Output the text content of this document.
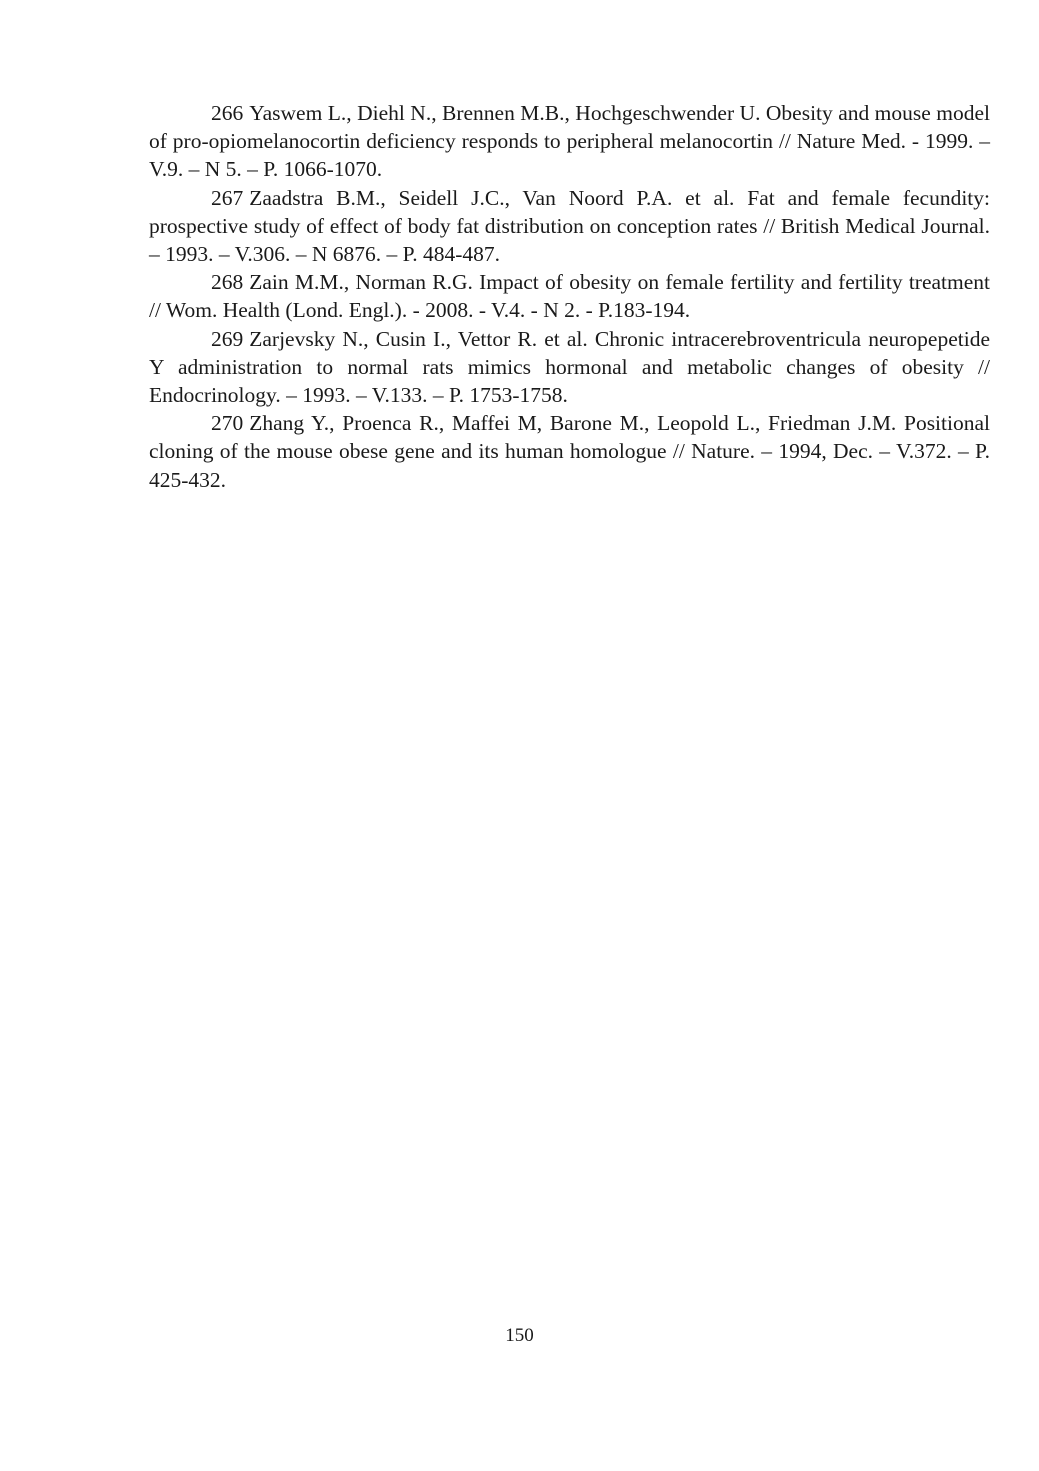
266 Yaswem L., Diehl N., Brennen M.B., Hochgeschwender U. Obesity and mouse model of pro-opiomelanocortin deficiency responds to peripheral melanocortin // Nature Med. - 1999. – V.9. – N 5. – P. 1066-1070.

267 Zaadstra B.M., Seidell J.C., Van Noord P.A. et al. Fat and female fecundity: prospective study of effect of body fat distribution on conception rates // British Medical Journal. – 1993. – V.306. – N 6876. – P. 484-487.

268 Zain M.M., Norman R.G. Impact of obesity on female fertility and fertility treatment // Wom. Health (Lond. Engl.). - 2008. - V.4. - N 2. - P.183-194.

269 Zarjevsky N., Cusin I., Vettor R. et al. Chronic intracerebroventricula neuropepetide Y administration to normal rats mimics hormonal and metabolic changes of obesity // Endocrinology. – 1993. – V.133. – P. 1753-1758.

270 Zhang Y., Proenca R., Maffei M, Barone M., Leopold L., Friedman J.M. Positional cloning of the mouse obese gene and its human homologue // Nature. – 1994, Dec. – V.372. – P. 425-432.

150
